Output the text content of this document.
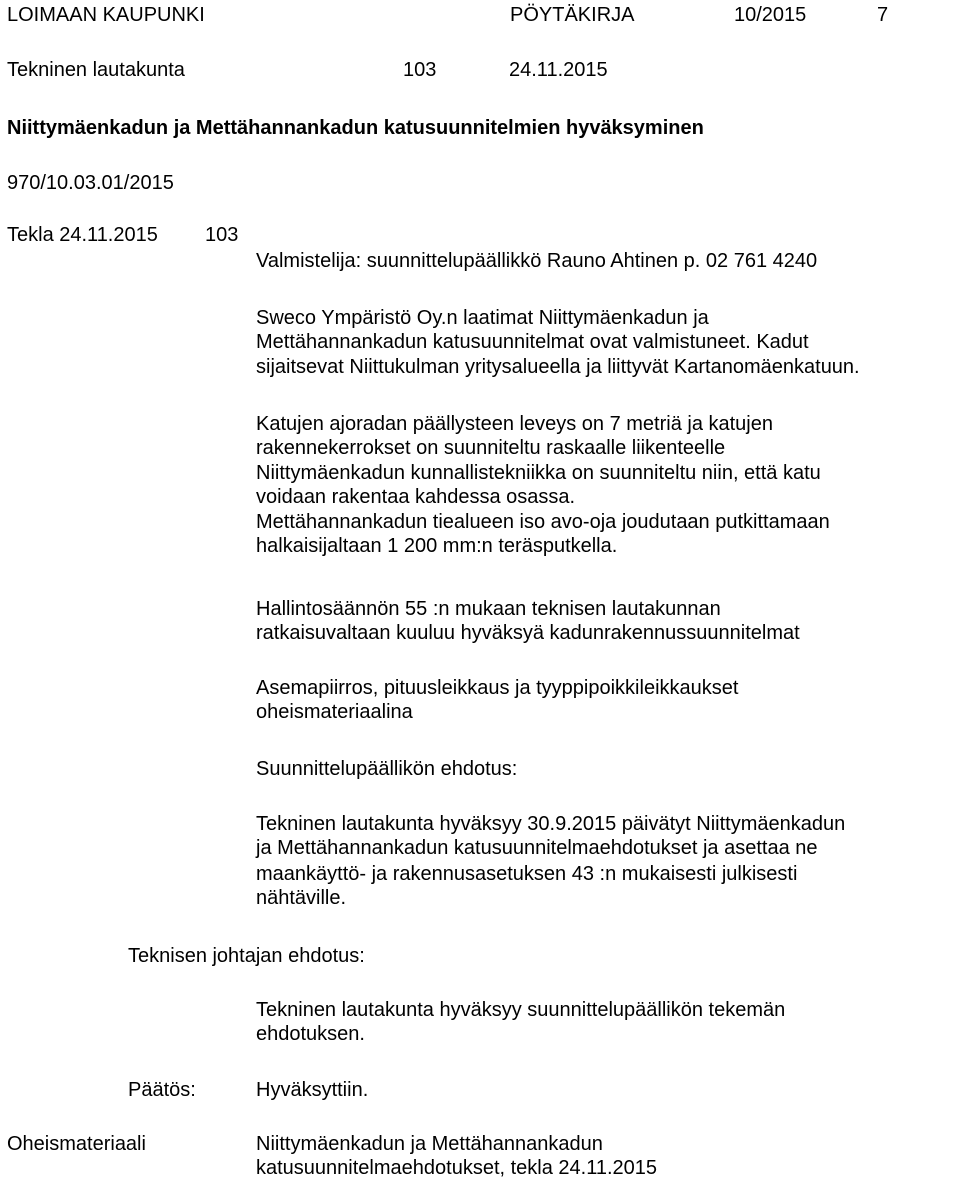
LOIMAAN KAUPUNKI	PÖYTÄKIRJA	10/2015	7
Tekninen lautakunta	103	24.11.2015
Niittymäenkadun ja Mettähannankadun katusuunnitelmien hyväksyminen
970/10.03.01/2015
Tekla 24.11.2015 103
Valmistelija: suunnittelupäällikkö Rauno Ahtinen p. 02 761 4240
Sweco Ympäristö Oy.n laatimat Niittymäenkadun ja
Mettähannankadun katusuunnitelmat ovat valmistuneet. Kadut
sijaitsevat Niittukulman yritysalueella ja liittyvät Kartanomäenkatuun.
Katujen ajoradan päällysteen leveys on 7 metriä ja katujen
rakennekerrokset on suunniteltu raskaalle liikenteelle
Niittymäenkadun kunnallistekniikka on suunniteltu niin, että katu
voidaan rakentaa kahdessa osassa.
Mettähannankadun tiealueen iso avo-oja joudutaan putkittamaan
halkaisijaltaan 1 200 mm:n teräsputkella.
Hallintosäännön 55 :n mukaan teknisen lautakunnan
ratkaisuvaltaan kuuluu hyväksyä kadunrakennussuunnitelmat
Asemapiirros, pituusleikkaus ja tyyppipoikkileikkaukset
oheismateriaalina
Suunnittelupäällikön ehdotus:
Tekninen lautakunta hyväksyy 30.9.2015 päivätyt Niittymäenkadun
ja Mettähannankadun katusuunnitelmaehdotukset ja asettaa ne
maankäyttö- ja rakennusasetuksen 43 :n mukaisesti julkisesti
nähtäville.
Teknisen johtajan ehdotus:
Tekninen lautakunta hyväksyy suunnittelupäällikön tekemän
ehdotuksen.
Päätös:	Hyväksyttiin.
Oheismateriaali	Niittymäenkadun ja Mettähannankadun
katusuunnitelmaehdotukset, tekla 24.11.2015
